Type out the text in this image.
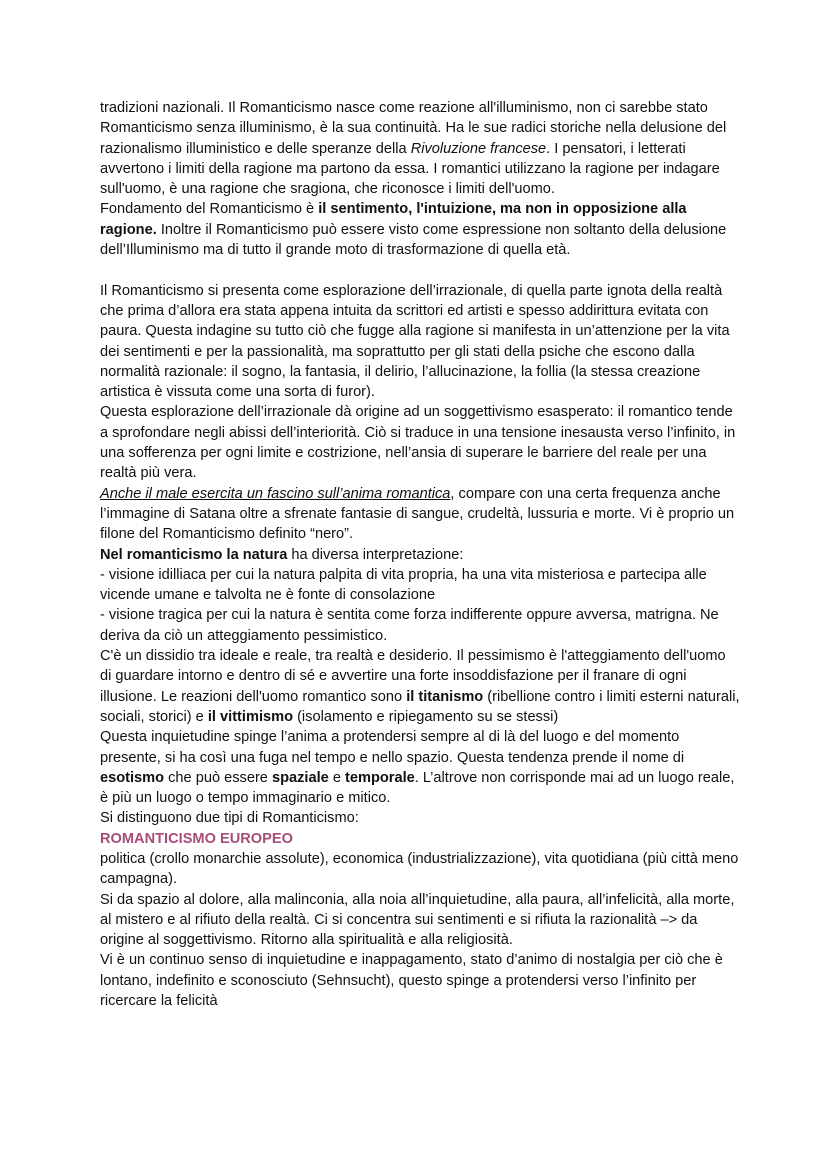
tradizioni nazionali. Il Romanticismo nasce come reazione all'illuminismo, non ci sarebbe stato Romanticismo senza illuminismo, è la sua continuità. Ha le sue radici storiche nella delusione del razionalismo illuministico e delle speranze della Rivoluzione francese. I pensatori, i letterati avvertono i limiti della ragione ma partono da essa. I romantici utilizzano la ragione per indagare sull'uomo, è una ragione che sragiona, che riconosce i limiti dell'uomo.

Fondamento del Romanticismo è il sentimento, l'intuizione, ma non in opposizione alla ragione. Inoltre il Romanticismo può essere visto come espressione non soltanto della delusione dell’Illuminismo ma di tutto il grande moto di trasformazione di quella età.

Il Romanticismo si presenta come esplorazione dell’irrazionale, di quella parte ignota della realtà che prima d’allora era stata appena intuita da scrittori ed artisti e spesso addirittura evitata con paura. Questa indagine su tutto ciò che fugge alla ragione si manifesta in un’attenzione per la vita dei sentimenti e per la passionalità, ma soprattutto per gli stati della psiche che escono dalla normalità razionale: il sogno, la fantasia, il delirio, l’allucinazione, la follia (la stessa creazione artistica è vissuta come una sorta di furor).

Questa esplorazione dell’irrazionale dà origine ad un soggettivismo esasperato: il romantico tende a sprofondare negli abissi dell’interiorità. Ciò si traduce in una tensione inesausta verso l’infinito, in una sofferenza per ogni limite e costrizione, nell’ansia di superare le barriere del reale per una realtà più vera.

Anche il male esercita un fascino sull’anima romantica, compare con una certa frequenza anche l’immagine di Satana oltre a sfrenate fantasie di sangue, crudeltà, lussuria e morte. Vi è proprio un filone del Romanticismo definito “nero”.

Nel romanticismo la natura ha diversa interpretazione:

- visione idilliaca per cui la natura palpita di vita propria, ha una vita misteriosa e partecipa alle vicende umane e talvolta ne è fonte di consolazione

- visione tragica per cui la natura è sentita come forza indifferente oppure avversa, matrigna. Ne deriva da ciò un atteggiamento pessimistico.

C'è un dissidio tra ideale e reale, tra realtà e desiderio. Il pessimismo è l'atteggiamento dell'uomo di guardare intorno e dentro di sé e avvertire una forte insoddisfazione per il franare di ogni illusione. Le reazioni dell'uomo romantico sono il titanismo (ribellione contro i limiti esterni naturali, sociali, storici) e il vittimismo (isolamento e ripiegamento su se stessi)

Questa inquietudine spinge l’anima a protendersi sempre al di là del luogo e del momento presente, si ha così una fuga nel tempo e nello spazio. Questa tendenza prende il nome di esotismo che può essere spaziale e temporale. L’altrove non corrisponde mai ad un luogo reale, è più un luogo o tempo immaginario e mitico.

Si distinguono due tipi di Romanticismo:

ROMANTICISMO EUROPEO

politica (crollo monarchie assolute), economica (industrializzazione), vita quotidiana (più città meno campagna).

Si da spazio al dolore, alla malinconia, alla noia all’inquietudine, alla paura, all’infelicità, alla morte, al mistero e al rifiuto della realtà. Ci si concentra sui sentimenti e si rifiuta la razionalità –> da origine al soggettivismo. Ritorno alla spiritualità e alla religiosità.

Vi è un continuo senso di inquietudine e inappagamento, stato d’animo di nostalgia per ciò che è lontano, indefinito e sconosciuto (Sehnsucht), questo spinge a protendersi verso l’infinito per ricercare la felicità
